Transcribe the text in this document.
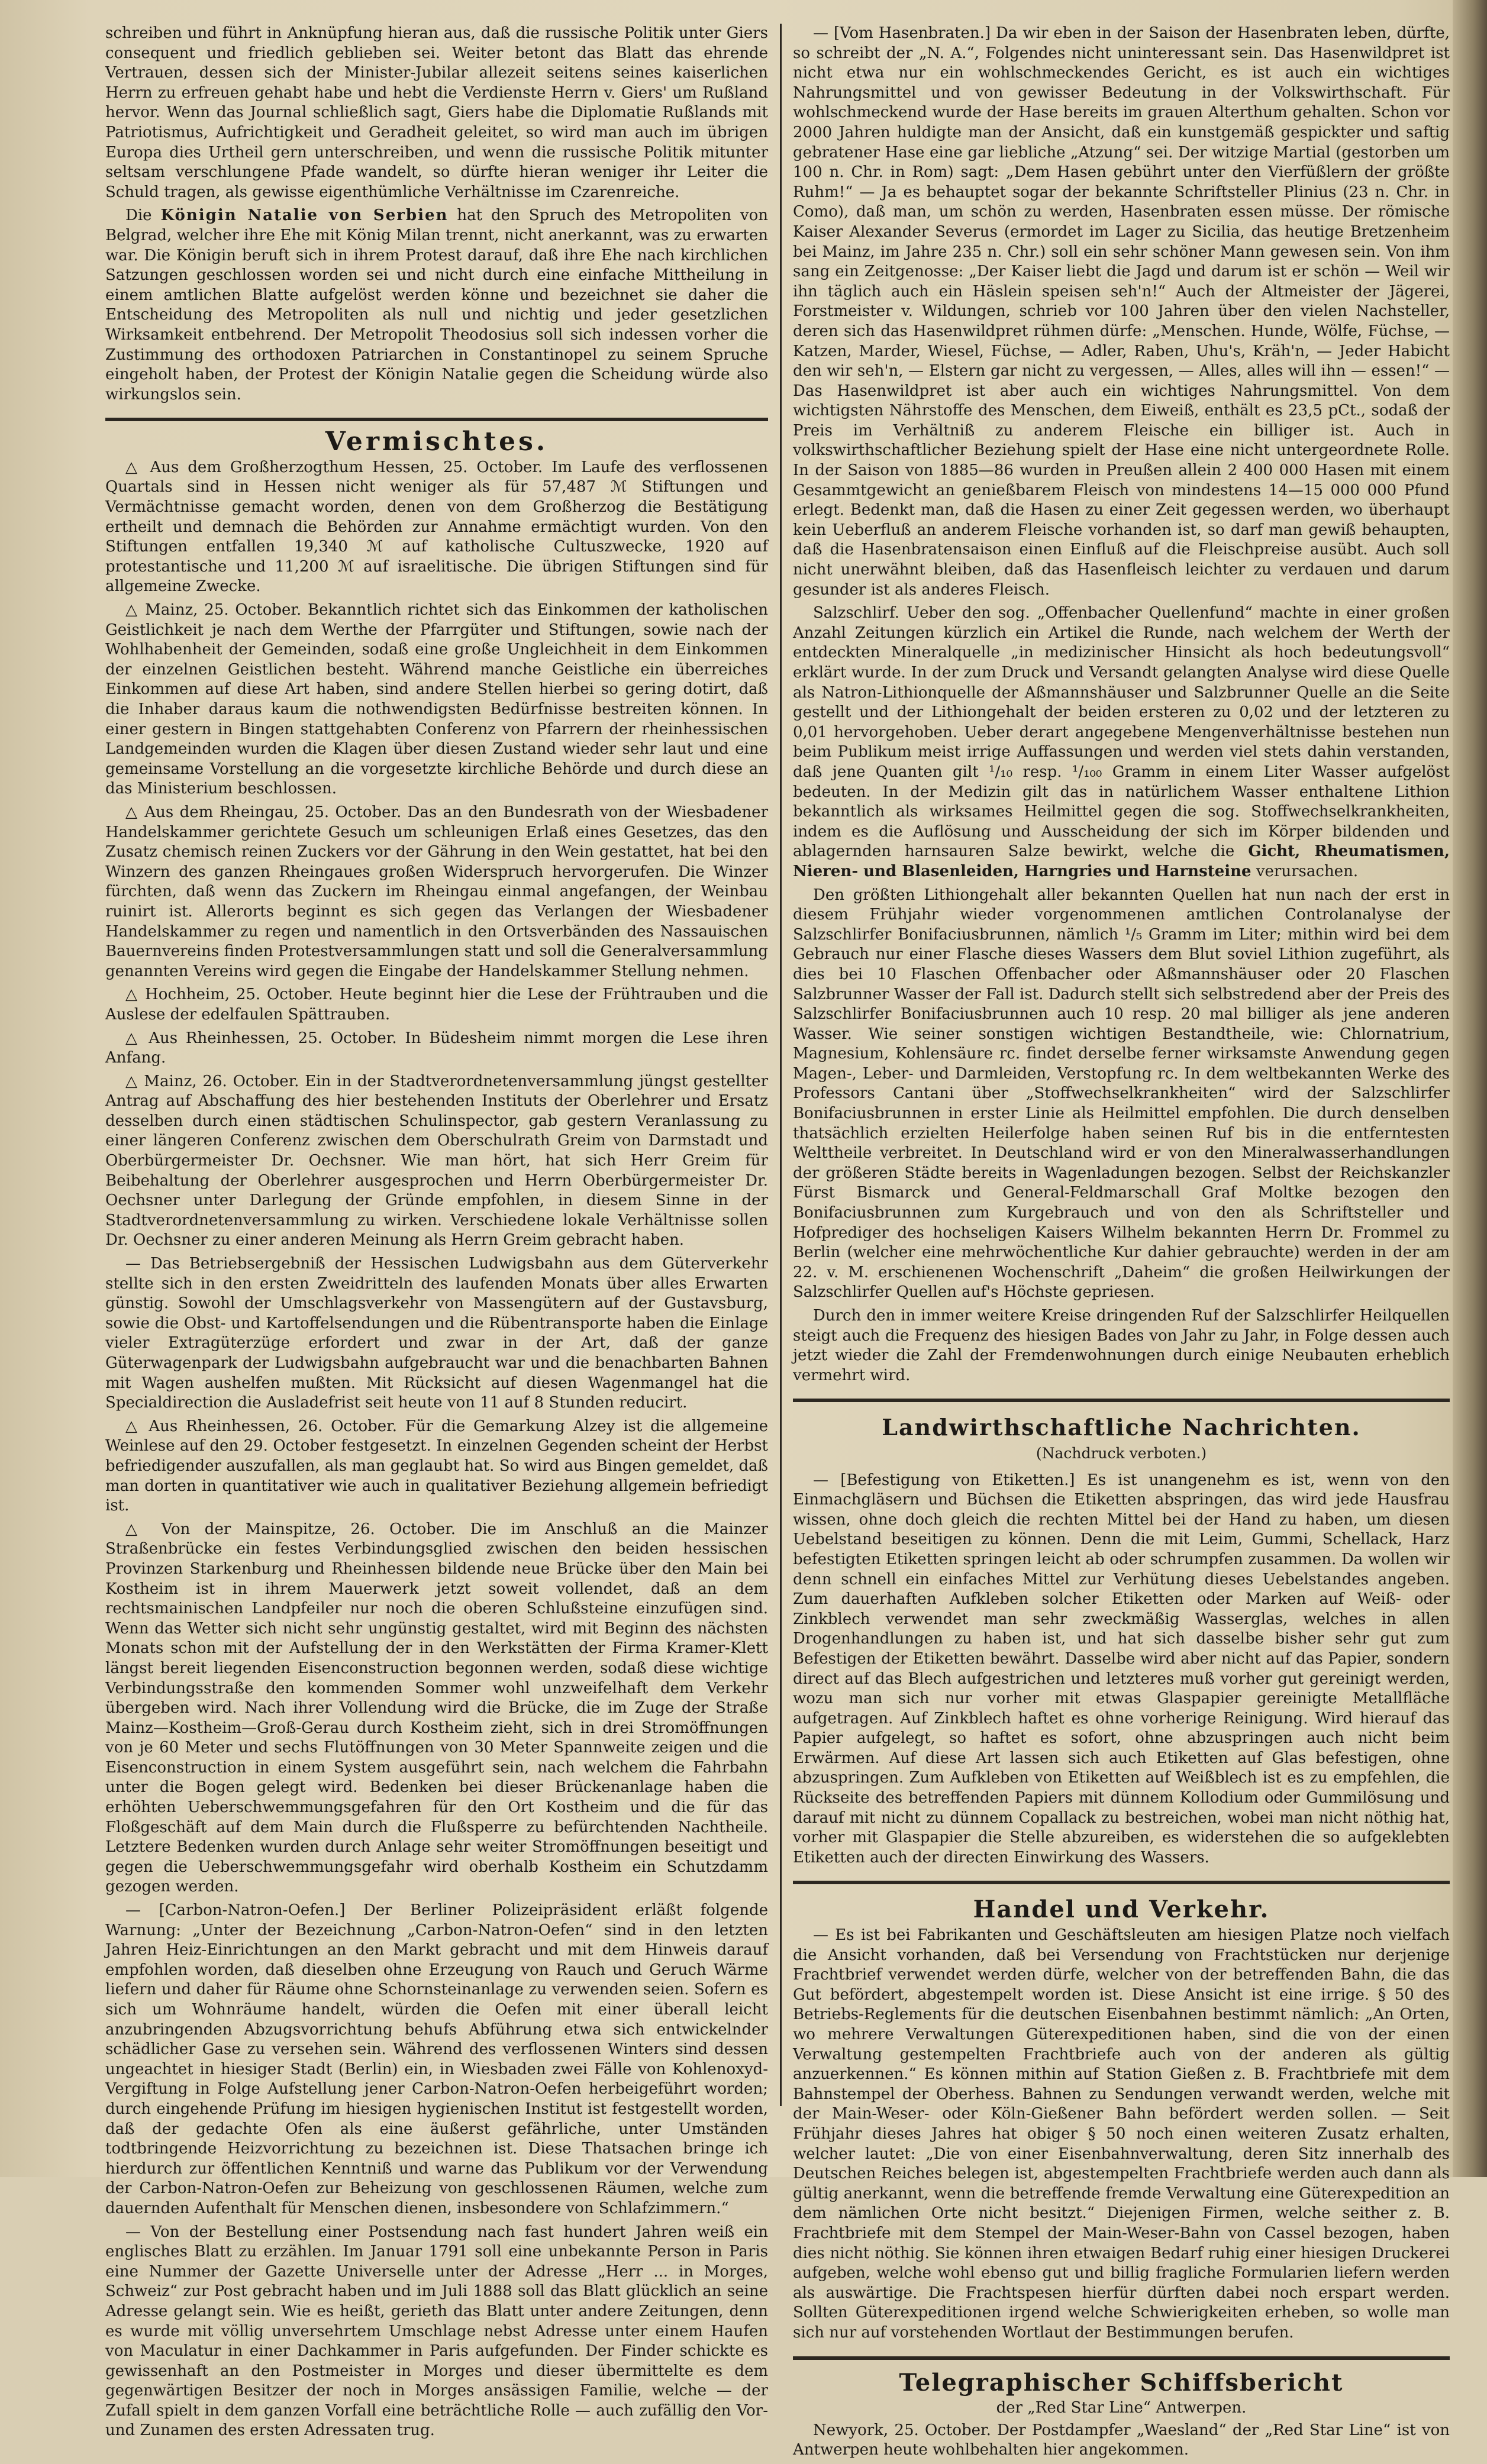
schreiben und führt in Anknüpfung hieran aus, daß die russische Politik unter Giers consequent und friedlich geblieben sei. Weiter betont das Blatt das ehrende Vertrauen, dessen sich der Minister-Jubilar allezeit seitens seines kaiserlichen Herrn zu erfreuen gehabt habe und hebt die Verdienste Herrn v. Giers' um Rußland hervor. Wenn das Journal schließlich sagt, Giers habe die Diplomatie Rußlands mit Patriotismus, Aufrichtigkeit und Geradheit geleitet, so wird man auch im übrigen Europa dies Urtheil gern unterschreiben, und wenn die russische Politik mitunter seltsam verschlungene Pfade wandelt, so dürfte hieran weniger ihr Leiter die Schuld tragen, als gewisse eigenthümliche Verhältnisse im Czarenreiche.

Die Königin Natalie von Serbien hat den Spruch des Metropoliten von Belgrad, welcher ihre Ehe mit König Milan trennt, nicht anerkannt, was zu erwarten war. Die Königin beruft sich in ihrem Protest darauf, daß ihre Ehe nach kirchlichen Satzungen geschlossen worden sei und nicht durch eine einfache Mittheilung in einem amtlichen Blatte aufgelöst werden könne und bezeichnet sie daher die Entscheidung des Metropoliten als null und nichtig und jeder gesetzlichen Wirksamkeit entbehrend. Der Metropolit Theodosius soll sich indessen vorher die Zustimmung des orthodoxen Patriarchen in Constantinopel zu seinem Spruche eingeholt haben, der Protest der Königin Natalie gegen die Scheidung würde also wirkungslos sein.

Vermischtes.

△ Aus dem Großherzogthum Hessen, 25. October. Im Laufe des verflossenen Quartals sind in Hessen nicht weniger als für 57,487 ℳ Stiftungen und Vermächtnisse gemacht worden, denen von dem Großherzog die Bestätigung ertheilt und demnach die Behörden zur Annahme ermächtigt wurden. Von den Stiftungen entfallen 19,340 ℳ auf katholische Cultuszwecke, 1920 auf protestantische und 11,200 ℳ auf israelitische. Die übrigen Stiftungen sind für allgemeine Zwecke.

△ Mainz, 25. October. Bekanntlich richtet sich das Einkommen der katholischen Geistlichkeit je nach dem Werthe der Pfarrgüter und Stiftungen, sowie nach der Wohlhabenheit der Gemeinden, sodaß eine große Ungleichheit in dem Einkommen der einzelnen Geistlichen besteht. Während manche Geistliche ein überreiches Einkommen auf diese Art haben, sind andere Stellen hierbei so gering dotirt, daß die Inhaber daraus kaum die nothwendigsten Bedürfnisse bestreiten können. In einer gestern in Bingen stattgehabten Conferenz von Pfarrern der rheinhessischen Landgemeinden wurden die Klagen über diesen Zustand wieder sehr laut und eine gemeinsame Vorstellung an die vorgesetzte kirchliche Behörde und durch diese an das Ministerium beschlossen.

△ Aus dem Rheingau, 25. October. Das an den Bundesrath von der Wiesbadener Handelskammer gerichtete Gesuch um schleunigen Erlaß eines Gesetzes, das den Zusatz chemisch reinen Zuckers vor der Gährung in den Wein gestattet, hat bei den Winzern des ganzen Rheingaues großen Widerspruch hervorgerufen. Die Winzer fürchten, daß wenn das Zuckern im Rheingau einmal angefangen, der Weinbau ruinirt ist. Allerorts beginnt es sich gegen das Verlangen der Wiesbadener Handelskammer zu regen und namentlich in den Ortsverbänden des Nassauischen Bauernvereins finden Protestversammlungen statt und soll die Generalversammlung genannten Vereins wird gegen die Eingabe der Handelskammer Stellung nehmen.

△ Hochheim, 25. October. Heute beginnt hier die Lese der Frühtrauben und die Auslese der edelfaulen Spättrauben.

△ Aus Rheinhessen, 25. October. In Büdesheim nimmt morgen die Lese ihren Anfang.

△ Mainz, 26. October. Ein in der Stadtverordnetenversammlung jüngst gestellter Antrag auf Abschaffung des hier bestehenden Instituts der Oberlehrer und Ersatz desselben durch einen städtischen Schulinspector, gab gestern Veranlassung zu einer längeren Conferenz zwischen dem Oberschulrath Greim von Darmstadt und Oberbürgermeister Dr. Oechsner. Wie man hört, hat sich Herr Greim für Beibehaltung der Oberlehrer ausgesprochen und Herrn Oberbürgermeister Dr. Oechsner unter Darlegung der Gründe empfohlen, in diesem Sinne in der Stadtverordnetenversammlung zu wirken. Verschiedene lokale Verhältnisse sollen Dr. Oechsner zu einer anderen Meinung als Herrn Greim gebracht haben.

— Das Betriebsergebniß der Hessischen Ludwigsbahn aus dem Güterverkehr stellte sich in den ersten Zweidritteln des laufenden Monats über alles Erwarten günstig. Sowohl der Umschlagsverkehr von Massengütern auf der Gustavsburg, sowie die Obst- und Kartoffelsendungen und die Rübentransporte haben die Einlage vieler Extragüterzüge erfordert und zwar in der Art, daß der ganze Güterwagenpark der Ludwigsbahn aufgebraucht war und die benachbarten Bahnen mit Wagen aushelfen mußten. Mit Rücksicht auf diesen Wagenmangel hat die Specialdirection die Ausladefrist seit heute von 11 auf 8 Stunden reducirt.

△ Aus Rheinhessen, 26. October. Für die Gemarkung Alzey ist die allgemeine Weinlese auf den 29. October festgesetzt. In einzelnen Gegenden scheint der Herbst befriedigender auszufallen, als man geglaubt hat. So wird aus Bingen gemeldet, daß man dorten in quantitativer wie auch in qualitativer Beziehung allgemein befriedigt ist.

△ Von der Mainspitze, 26. October. Die im Anschluß an die Mainzer Straßenbrücke ein festes Verbindungsglied zwischen den beiden hessischen Provinzen Starkenburg und Rheinhessen bildende neue Brücke über den Main bei Kostheim ist in ihrem Mauerwerk jetzt soweit vollendet, daß an dem rechtsmainischen Landpfeiler nur noch die oberen Schlußsteine einzufügen sind. Wenn das Wetter sich nicht sehr ungünstig gestaltet, wird mit Beginn des nächsten Monats schon mit der Aufstellung der in den Werkstätten der Firma Kramer-Klett längst bereit liegenden Eisenconstruction begonnen werden, sodaß diese wichtige Verbindungsstraße den kommenden Sommer wohl unzweifelhaft dem Verkehr übergeben wird. Nach ihrer Vollendung wird die Brücke, die im Zuge der Straße Mainz—Kostheim—Groß-Gerau durch Kostheim zieht, sich in drei Stromöffnungen von je 60 Meter und sechs Flutöffnungen von 30 Meter Spannweite zeigen und die Eisenconstruction in einem System ausgeführt sein, nach welchem die Fahrbahn unter die Bogen gelegt wird. Bedenken bei dieser Brückenanlage haben die erhöhten Ueberschwemmungsgefahren für den Ort Kostheim und die für das Floßgeschäft auf dem Main durch die Flußsperre zu befürchtenden Nachtheile. Letztere Bedenken wurden durch Anlage sehr weiter Stromöffnungen beseitigt und gegen die Ueberschwemmungsgefahr wird oberhalb Kostheim ein Schutzdamm gezogen werden.

— [Carbon-Natron-Oefen.] Der Berliner Polizeipräsident erläßt folgende Warnung: „Unter der Bezeichnung „Carbon-Natron-Oefen“ sind in den letzten Jahren Heiz-Einrichtungen an den Markt gebracht und mit dem Hinweis darauf empfohlen worden, daß dieselben ohne Erzeugung von Rauch und Geruch Wärme liefern und daher für Räume ohne Schornsteinanlage zu verwenden seien. Sofern es sich um Wohnräume handelt, würden die Oefen mit einer überall leicht anzubringenden Abzugsvorrichtung behufs Abführung etwa sich entwickelnder schädlicher Gase zu versehen sein. Während des verflossenen Winters sind dessen ungeachtet in hiesiger Stadt (Berlin) ein, in Wiesbaden zwei Fälle von Kohlenoxyd-Vergiftung in Folge Aufstellung jener Carbon-Natron-Oefen herbeigeführt worden; durch eingehende Prüfung im hiesigen hygienischen Institut ist festgestellt worden, daß der gedachte Ofen als eine äußerst gefährliche, unter Umständen todtbringende Heizvorrichtung zu bezeichnen ist. Diese Thatsachen bringe ich hierdurch zur öffentlichen Kenntniß und warne das Publikum vor der Verwendung der Carbon-Natron-Oefen zur Beheizung von geschlossenen Räumen, welche zum dauernden Aufenthalt für Menschen dienen, insbesondere von Schlafzimmern.“

— Von der Bestellung einer Postsendung nach fast hundert Jahren weiß ein englisches Blatt zu erzählen. Im Januar 1791 soll eine unbekannte Person in Paris eine Nummer der Gazette Universelle unter der Adresse „Herr ... in Morges, Schweiz“ zur Post gebracht haben und im Juli 1888 soll das Blatt glücklich an seine Adresse gelangt sein. Wie es heißt, gerieth das Blatt unter andere Zeitungen, denn es wurde mit völlig unversehrtem Umschlage nebst Adresse unter einem Haufen von Maculatur in einer Dachkammer in Paris aufgefunden. Der Finder schickte es gewissenhaft an den Postmeister in Morges und dieser übermittelte es dem gegenwärtigen Besitzer der noch in Morges ansässigen Familie, welche — der Zufall spielt in dem ganzen Vorfall eine beträchtliche Rolle — auch zufällig den Vor- und Zunamen des ersten Adressaten trug.

— [Vom Hasenbraten.] Da wir eben in der Saison der Hasenbraten leben, dürfte, so schreibt der „N. A.“, Folgendes nicht uninteressant sein. Das Hasenwildpret ist nicht etwa nur ein wohlschmeckendes Gericht, es ist auch ein wichtiges Nahrungsmittel und von gewisser Bedeutung in der Volkswirthschaft. Für wohlschmeckend wurde der Hase bereits im grauen Alterthum gehalten. Schon vor 2000 Jahren huldigte man der Ansicht, daß ein kunstgemäß gespickter und saftig gebratener Hase eine gar liebliche „Atzung“ sei. Der witzige Martial (gestorben um 100 n. Chr. in Rom) sagt: „Dem Hasen gebührt unter den Vierfüßlern der größte Ruhm!“ — Ja es behauptet sogar der bekannte Schriftsteller Plinius (23 n. Chr. in Como), daß man, um schön zu werden, Hasenbraten essen müsse. Der römische Kaiser Alexander Severus (ermordet im Lager zu Sicilia, das heutige Bretzenheim bei Mainz, im Jahre 235 n. Chr.) soll ein sehr schöner Mann gewesen sein. Von ihm sang ein Zeitgenosse: „Der Kaiser liebt die Jagd und darum ist er schön — Weil wir ihn täglich auch ein Häslein speisen seh'n!“ Auch der Altmeister der Jägerei, Forstmeister v. Wildungen, schrieb vor 100 Jahren über den vielen Nachsteller, deren sich das Hasenwildpret rühmen dürfe: „Menschen. Hunde, Wölfe, Füchse, — Katzen, Marder, Wiesel, Füchse, — Adler, Raben, Uhu's, Kräh'n, — Jeder Habicht den wir seh'n, — Elstern gar nicht zu vergessen, — Alles, alles will ihn — essen!“ — Das Hasenwildpret ist aber auch ein wichtiges Nahrungsmittel. Von dem wichtigsten Nährstoffe des Menschen, dem Eiweiß, enthält es 23,5 pCt., sodaß der Preis im Verhältniß zu anderem Fleische ein billiger ist. Auch in volkswirthschaftlicher Beziehung spielt der Hase eine nicht untergeordnete Rolle. In der Saison von 1885—86 wurden in Preußen allein 2 400 000 Hasen mit einem Gesammtgewicht an genießbarem Fleisch von mindestens 14—15 000 000 Pfund erlegt. Bedenkt man, daß die Hasen zu einer Zeit gegessen werden, wo überhaupt kein Ueberfluß an anderem Fleische vorhanden ist, so darf man gewiß behaupten, daß die Hasenbratensaison einen Einfluß auf die Fleischpreise ausübt. Auch soll nicht unerwähnt bleiben, daß das Hasenfleisch leichter zu verdauen und darum gesunder ist als anderes Fleisch.

Salzschlirf. Ueber den sog. „Offenbacher Quellenfund“ machte in einer großen Anzahl Zeitungen kürzlich ein Artikel die Runde, nach welchem der Werth der entdeckten Mineralquelle „in medizinischer Hinsicht als hoch bedeutungsvoll“ erklärt wurde. In der zum Druck und Versandt gelangten Analyse wird diese Quelle als Natron-Lithionquelle der Aßmannshäuser und Salzbrunner Quelle an die Seite gestellt und der Lithiongehalt der beiden ersteren zu 0,02 und der letzteren zu 0,01 hervorgehoben. Ueber derart angegebene Mengenverhältnisse bestehen nun beim Publikum meist irrige Auffassungen und werden viel stets dahin verstanden, daß jene Quanten gilt ¹/₁₀ resp. ¹/₁₀₀ Gramm in einem Liter Wasser aufgelöst bedeuten. In der Medizin gilt das in natürlichem Wasser enthaltene Lithion bekanntlich als wirksames Heilmittel gegen die sog. Stoffwechselkrankheiten, indem es die Auflösung und Ausscheidung der sich im Körper bildenden und ablagernden harnsauren Salze bewirkt, welche die Gicht, Rheumatismen, Nieren- und Blasenleiden, Harngries und Harnsteine verursachen.

Den größten Lithiongehalt aller bekannten Quellen hat nun nach der erst in diesem Frühjahr wieder vorgenommenen amtlichen Controlanalyse der Salzschlirfer Bonifaciusbrunnen, nämlich ¹/₅ Gramm im Liter; mithin wird bei dem Gebrauch nur einer Flasche dieses Wassers dem Blut soviel Lithion zugeführt, als dies bei 10 Flaschen Offenbacher oder Aßmannshäuser oder 20 Flaschen Salzbrunner Wasser der Fall ist. Dadurch stellt sich selbstredend aber der Preis des Salzschlirfer Bonifaciusbrunnen auch 10 resp. 20 mal billiger als jene anderen Wasser. Wie seiner sonstigen wichtigen Bestandtheile, wie: Chlornatrium, Magnesium, Kohlensäure rc. findet derselbe ferner wirksamste Anwendung gegen Magen-, Leber- und Darmleiden, Verstopfung rc. In dem weltbekannten Werke des Professors Cantani über „Stoffwechselkrankheiten“ wird der Salzschlirfer Bonifaciusbrunnen in erster Linie als Heilmittel empfohlen. Die durch denselben thatsächlich erzielten Heilerfolge haben seinen Ruf bis in die entferntesten Welttheile verbreitet. In Deutschland wird er von den Mineralwasserhandlungen der größeren Städte bereits in Wagenladungen bezogen. Selbst der Reichskanzler Fürst Bismarck und General-Feldmarschall Graf Moltke bezogen den Bonifaciusbrunnen zum Kurgebrauch und von den als Schriftsteller und Hofprediger des hochseligen Kaisers Wilhelm bekannten Herrn Dr. Frommel zu Berlin (welcher eine mehrwöchentliche Kur dahier gebrauchte) werden in der am 22. v. M. erschienenen Wochenschrift „Daheim“ die großen Heilwirkungen der Salzschlirfer Quellen auf's Höchste gepriesen.

Durch den in immer weitere Kreise dringenden Ruf der Salzschlirfer Heilquellen steigt auch die Frequenz des hiesigen Bades von Jahr zu Jahr, in Folge dessen auch jetzt wieder die Zahl der Fremdenwohnungen durch einige Neubauten erheblich vermehrt wird.

Landwirthschaftliche Nachrichten.
(Nachdruck verboten.)

— [Befestigung von Etiketten.] Es ist unangenehm es ist, wenn von den Einmachgläsern und Büchsen die Etiketten abspringen, das wird jede Hausfrau wissen, ohne doch gleich die rechten Mittel bei der Hand zu haben, um diesen Uebelstand beseitigen zu können. Denn die mit Leim, Gummi, Schellack, Harz befestigten Etiketten springen leicht ab oder schrumpfen zusammen. Da wollen wir denn schnell ein einfaches Mittel zur Verhütung dieses Uebelstandes angeben. Zum dauerhaften Aufkleben solcher Etiketten oder Marken auf Weiß- oder Zinkblech verwendet man sehr zweckmäßig Wasserglas, welches in allen Drogenhandlungen zu haben ist, und hat sich dasselbe bisher sehr gut zum Befestigen der Etiketten bewährt. Dasselbe wird aber nicht auf das Papier, sondern direct auf das Blech aufgestrichen und letzteres muß vorher gut gereinigt werden, wozu man sich nur vorher mit etwas Glaspapier gereinigte Metallfläche aufgetragen. Auf Zinkblech haftet es ohne vorherige Reinigung. Wird hierauf das Papier aufgelegt, so haftet es sofort, ohne abzuspringen auch nicht beim Erwärmen. Auf diese Art lassen sich auch Etiketten auf Glas befestigen, ohne abzuspringen. Zum Aufkleben von Etiketten auf Weißblech ist es zu empfehlen, die Rückseite des betreffenden Papiers mit dünnem Kollodium oder Gummilösung und darauf mit nicht zu dünnem Copallack zu bestreichen, wobei man nicht nöthig hat, vorher mit Glaspapier die Stelle abzureiben, es widerstehen die so aufgeklebten Etiketten auch der directen Einwirkung des Wassers.

Handel und Verkehr.

— Es ist bei Fabrikanten und Geschäftsleuten am hiesigen Platze noch vielfach die Ansicht vorhanden, daß bei Versendung von Frachtstücken nur derjenige Frachtbrief verwendet werden dürfe, welcher von der betreffenden Bahn, die das Gut befördert, abgestempelt worden ist. Diese Ansicht ist eine irrige. § 50 des Betriebs-Reglements für die deutschen Eisenbahnen bestimmt nämlich: „An Orten, wo mehrere Verwaltungen Güterexpeditionen haben, sind die von der einen Verwaltung gestempelten Frachtbriefe auch von der anderen als gültig anzuerkennen.“ Es können mithin auf Station Gießen z. B. Frachtbriefe mit dem Bahnstempel der Oberhess. Bahnen zu Sendungen verwandt werden, welche mit der Main-Weser- oder Köln-Gießener Bahn befördert werden sollen. — Seit Frühjahr dieses Jahres hat obiger § 50 noch einen weiteren Zusatz erhalten, welcher lautet: „Die von einer Eisenbahnverwaltung, deren Sitz innerhalb des Deutschen Reiches belegen ist, abgestempelten Frachtbriefe werden auch dann als gültig anerkannt, wenn die betreffende fremde Verwaltung eine Güterexpedition an dem nämlichen Orte nicht besitzt.“ Diejenigen Firmen, welche seither z. B. Frachtbriefe mit dem Stempel der Main-Weser-Bahn von Cassel bezogen, haben dies nicht nöthig. Sie können ihren etwaigen Bedarf ruhig einer hiesigen Druckerei aufgeben, welche wohl ebenso gut und billig fragliche Formularien liefern werden als auswärtige. Die Frachtspesen hierfür dürften dabei noch erspart werden. Sollten Güterexpeditionen irgend welche Schwierigkeiten erheben, so wolle man sich nur auf vorstehenden Wortlaut der Bestimmungen berufen.

Telegraphischer Schiffsbericht
der „Red Star Line“ Antwerpen.

Newyork, 25. October. Der Postdampfer „Waesland“ der „Red Star Line“ ist von Antwerpen heute wohlbehalten hier angekommen.
